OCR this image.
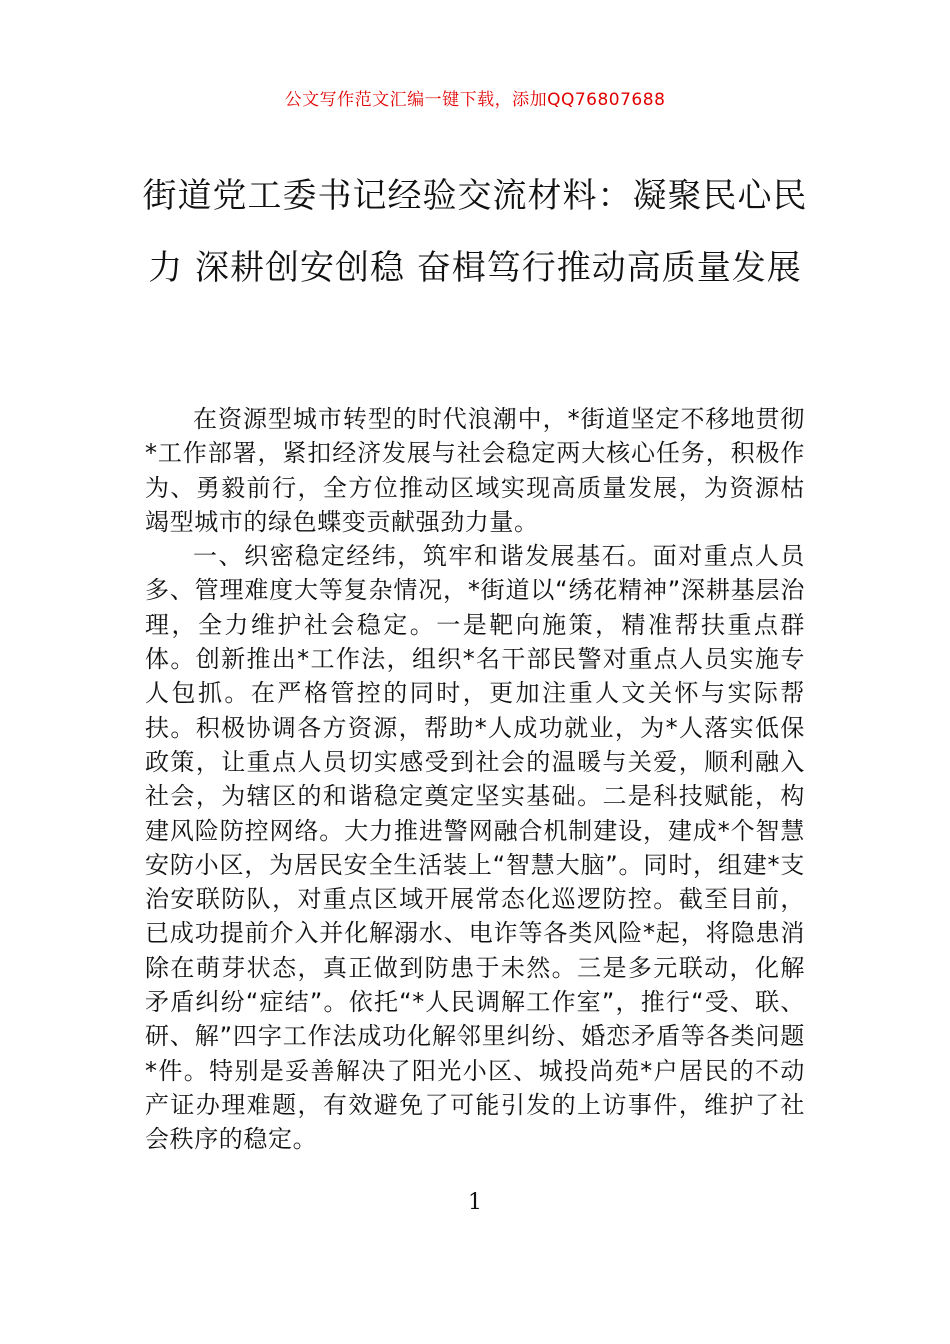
公文写作范文汇编一键下载，添加QQ76807688
街道党工委书记经验交流材料：凝聚民心民力 深耕创安创稳 奋楫笃行推动高质量发展

在资源型城市转型的时代浪潮中，*街道坚定不移地贯彻*工作部署，紧扣经济发展与社会稳定两大核心任务，积极作为、勇毅前行，全方位推动区域实现高质量发展，为资源枯竭型城市的绿色蝶变贡献强劲力量。

一、织密稳定经纬，筑牢和谐发展基石。面对重点人员多、管理难度大等复杂情况，*街道以“绣花精神”深耕基层治理，全力维护社会稳定。一是靶向施策，精准帮扶重点群体。创新推出*工作法，组织*名干部民警对重点人员实施专人包抓。在严格管控的同时，更加注重人文关怀与实际帮扶。积极协调各方资源，帮助*人成功就业，为*人落实低保政策，让重点人员切实感受到社会的温暖与关爱，顺利融入社会，为辖区的和谐稳定奠定坚实基础。二是科技赋能，构建风险防控网络。大力推进警网融合机制建设，建成*个智慧安防小区，为居民安全生活装上“智慧大脑”。同时，组建*支治安联防队，对重点区域开展常态化巡逻防控。截至目前，已成功提前介入并化解溺水、电诈等各类风险*起，将隐患消除在萌芽状态，真正做到防患于未然。三是多元联动，化解矛盾纠纷“症结”。依托“*人民调解工作室”，推行“受、联、研、解”四字工作法成功化解邻里纠纷、婚恋矛盾等各类问题*件。特别是妥善解决了阳光小区、城投尚苑*户居民的不动产证办理难题，有效避免了可能引发的上访事件，维护了社会秩序的稳定。

1
